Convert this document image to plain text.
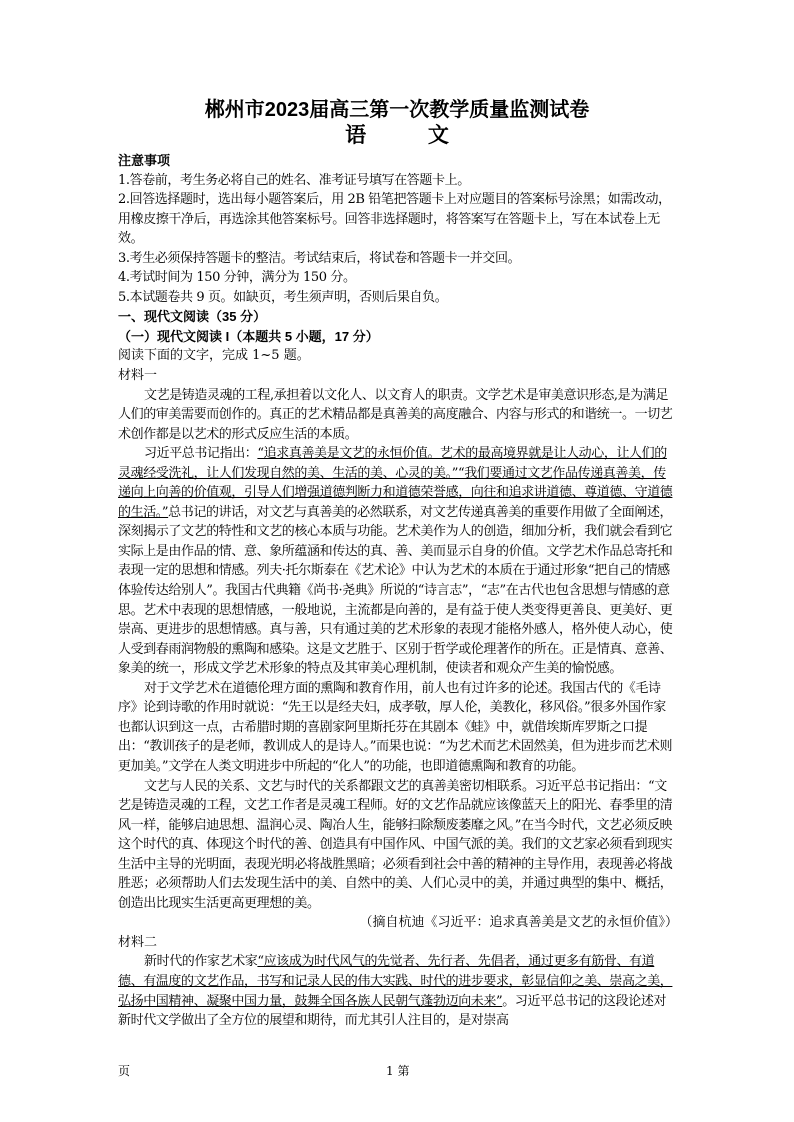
郴州市2023届高三第一次教学质量监测试卷
语 文

注意事项

1.答卷前，考生务必将自己的姓名、准考证号填写在答题卡上。

2.回答选择题时，选出每小题答案后，用 2B 铅笔把答题卡上对应题目的答案标号涂黑；如需改动，用橡皮擦干净后，再选涂其他答案标号。回答非选择题时，将答案写在答题卡上，写在本试卷上无效。

3.考生必须保持答题卡的整洁。考试结束后，将试卷和答题卡一并交回。

4.考试时间为 150 分钟，满分为 150 分。

5.本试题卷共 9 页。如缺页，考生须声明，否则后果自负。

一、现代文阅读（35 分）

（一）现代文阅读 I（本题共 5 小题，17 分）

阅读下面的文字，完成 1~5 题。

材料一

文艺是铸造灵魂的工程,承担着以文化人、以文育人的职责。文学艺术是审美意识形态,是为满足人们的审美需要而创作的。真正的艺术精品都是真善美的高度融合、内容与形式的和谐统一。一切艺术创作都是以艺术的形式反应生活的本质。

习近平总书记指出：“追求真善美是文艺的永恒价值。艺术的最高境界就是让人动心，让人们的灵魂经受洗礼，让人们发现自然的美、生活的美、心灵的美。”“我们要通过文艺作品传递真善美，传递向上向善的价值观，引导人们增强道德判断力和道德荣誉感，向往和追求讲道德、尊道德、守道德的生活。”总书记的讲话，对文艺与真善美的必然联系，对文艺传递真善美的重要作用做了全面阐述，深刻揭示了文艺的特性和文艺的核心本质与功能。艺术美作为人的创造，细加分析，我们就会看到它实际上是由作品的情、意、象所蕴涵和传达的真、善、美而显示自身的价值。文学艺术作品总寄托和表现一定的思想和情感。列夫·托尔斯泰在《艺术论》中认为艺术的本质在于通过形象“把自己的情感体验传达给别人”。我国古代典籍《尚书·尧典》所说的“诗言志”，“志”在古代也包含思想与情感的意思。艺术中表现的思想情感，一般地说，主流都是向善的，是有益于使人类变得更善良、更美好、更崇高、更进步的思想情感。真与善，只有通过美的艺术形象的表现才能格外感人，格外使人动心，使人受到春雨润物般的熏陶和感染。这是文艺胜于、区别于哲学或伦理著作的所在。正是情真、意善、象美的统一，形成文学艺术形象的特点及其审美心理机制，使读者和观众产生美的愉悦感。

对于文学艺术在道德伦理方面的熏陶和教育作用，前人也有过许多的论述。我国古代的《毛诗序》论到诗歌的作用时就说：“先王以是经夫妇，成孝敬，厚人伦，美教化，移风俗。”很多外国作家也都认识到这一点，古希腊时期的喜剧家阿里斯托芬在其剧本《蛙》中，就借埃斯库罗斯之口提出：“教训孩子的是老师，教训成人的是诗人。”而果也说：“为艺术而艺术固然美，但为进步而艺术则更加美。”文学在人类文明进步中所起的“化人”的功能，也即道德熏陶和教育的功能。

文艺与人民的关系、文艺与时代的关系都跟文艺的真善美密切相联系。习近平总书记指出：“文艺是铸造灵魂的工程，文艺工作者是灵魂工程师。好的文艺作品就应该像蓝天上的阳光、春季里的清风一样，能够启迪思想、温润心灵、陶冶人生，能够扫除颓废萎靡之风。”在当今时代，文艺必须反映这个时代的真、体现这个时代的善、创造具有中国作风、中国气派的美。我们的文艺家必须看到现实生活中主导的光明面，表现光明必将战胜黑暗；必须看到社会中善的精神的主导作用，表现善必将战胜恶；必须帮助人们去发现生活中的美、自然中的美、人们心灵中的美，并通过典型的集中、概括，创造出比现实生活更高更理想的美。

（摘自杭迪《习近平：追求真善美是文艺的永恒价值》）

材料二

新时代的作家艺术家“应该成为时代风气的先觉者、先行者、先倡者，通过更多有筋骨、有道德、有温度的文艺作品，书写和记录人民的伟大实践、时代的进步要求，彰显信仰之美、崇高之美，弘扬中国精神、凝聚中国力量，鼓舞全国各族人民朝气蓬勃迈向未来”。习近平总书记的这段论述对新时代文学做出了全方位的展望和期待，而尤其引人注目的，是对崇高

页	1 第
